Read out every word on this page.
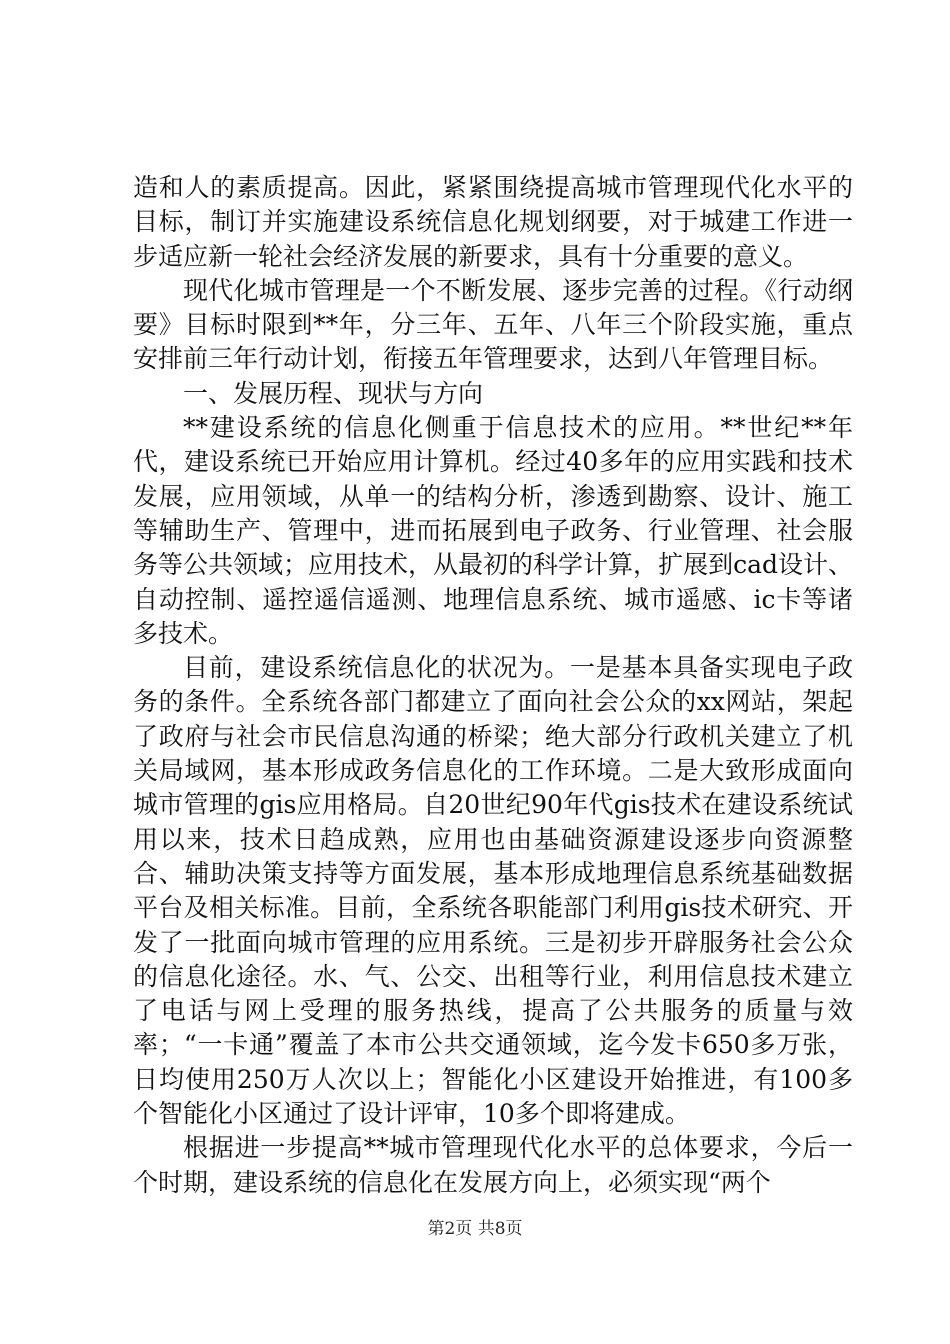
造和人的素质提高。因此，紧紧围绕提高城市管理现代化水平的目标，制订并实施建设系统信息化规划纲要，对于城建工作进一步适应新一轮社会经济发展的新要求，具有十分重要的意义。

现代化城市管理是一个不断发展、逐步完善的过程。《行动纲要》目标时限到**年，分三年、五年、八年三个阶段实施，重点安排前三年行动计划，衔接五年管理要求，达到八年管理目标。

一、发展历程、现状与方向

**建设系统的信息化侧重于信息技术的应用。**世纪**年代，建设系统已开始应用计算机。经过40多年的应用实践和技术发展，应用领域，从单一的结构分析，渗透到勘察、设计、施工等辅助生产、管理中，进而拓展到电子政务、行业管理、社会服务等公共领域；应用技术，从最初的科学计算，扩展到cad设计、自动控制、遥控遥信遥测、地理信息系统、城市遥感、ic卡等诸多技术。

目前，建设系统信息化的状况为。一是基本具备实现电子政务的条件。全系统各部门都建立了面向社会公众的xx网站，架起了政府与社会市民信息沟通的桥梁；绝大部分行政机关建立了机关局域网，基本形成政务信息化的工作环境。二是大致形成面向城市管理的gis应用格局。自20世纪90年代gis技术在建设系统试用以来，技术日趋成熟，应用也由基础资源建设逐步向资源整合、辅助决策支持等方面发展，基本形成地理信息系统基础数据平台及相关标准。目前，全系统各职能部门利用gis技术研究、开发了一批面向城市管理的应用系统。三是初步开辟服务社会公众的信息化途径。水、气、公交、出租等行业，利用信息技术建立了电话与网上受理的服务热线，提高了公共服务的质量与效率；“一卡通”覆盖了本市公共交通领域，迄今发卡650多万张，日均使用250万人次以上；智能化小区建设开始推进，有100多个智能化小区通过了设计评审，10多个即将建成。

根据进一步提高**城市管理现代化水平的总体要求，今后一个时期，建设系统的信息化在发展方向上，必须实现“两个

第2页 共8页
